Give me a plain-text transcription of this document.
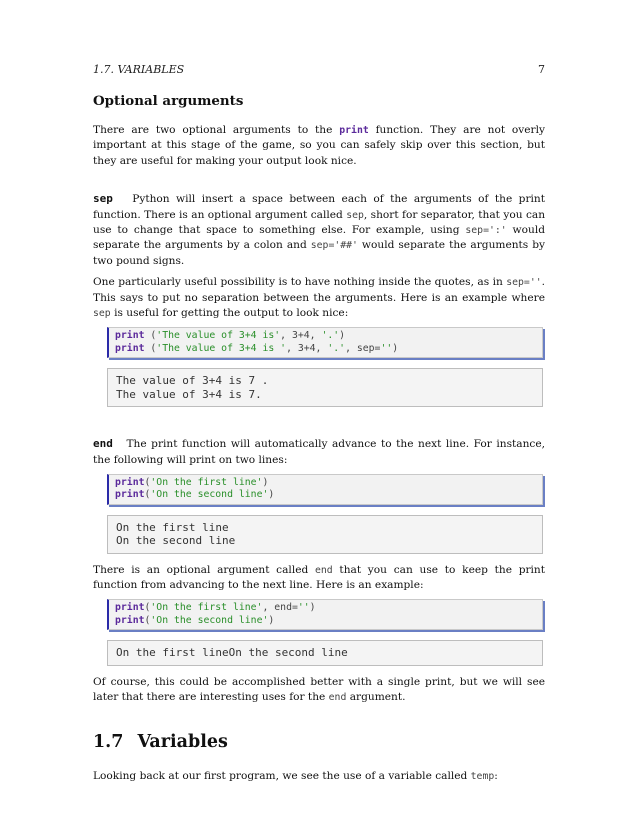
1.7. VARIABLES	7
Optional arguments

There are two optional arguments to the print function. They are not overly important at this stage of the game, so you can safely skip over this section, but they are useful for making your output look nice.

sep Python will insert a space between each of the arguments of the print function. There is an optional argument called sep, short for separator, that you can use to change that space to something else. For example, using sep=':' would separate the arguments by a colon and sep='##' would separate the arguments by two pound signs.

One particularly useful possibility is to have nothing inside the quotes, as in sep=''. This says to put no separation between the arguments. Here is an example where sep is useful for getting the output to look nice:

print ('The value of 3+4 is', 3+4, '.')
print ('The value of 3+4 is ', 3+4, '.', sep='')
The value of 3+4 is 7 .
The value of 3+4 is 7.

end The print function will automatically advance to the next line. For instance, the following will print on two lines:

print('On the first line')
print('On the second line')
On the first line
On the second line

There is an optional argument called end that you can use to keep the print function from advancing to the next line. Here is an example:

print('On the first line', end='')
print('On the second line')
On the first lineOn the second line

Of course, this could be accomplished better with a single print, but we will see later that there are interesting uses for the end argument.

1.7 Variables

Looking back at our first program, we see the use of a variable called temp:
